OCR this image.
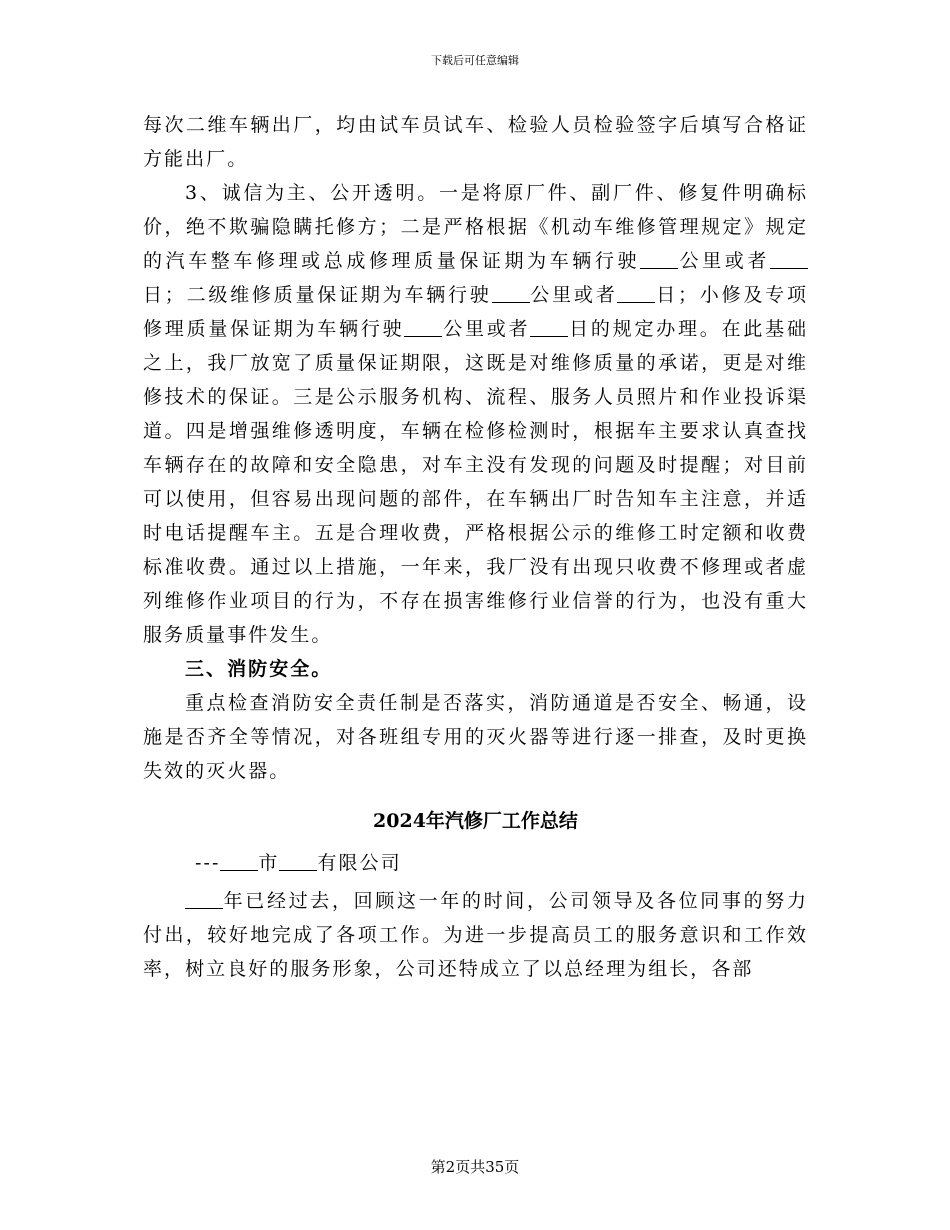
下载后可任意编辑

每次二维车辆出厂，均由试车员试车、检验人员检验签字后填写合格证方能出厂。

3、诚信为主、公开透明。一是将原厂件、副厂件、修复件明确标价，绝不欺骗隐瞒托修方；二是严格根据《机动车维修管理规定》规定的汽车整车修理或总成修理质量保证期为车辆行驶 公里或者日；二级维修质量保证期为车辆行驶 公里或者 日；小修及专项修理质量保证期为车辆行驶 公里或者 日的规定办理。在此基础之上，我厂放宽了质量保证期限，这既是对维修质量的承诺，更是对维修技术的保证。三是公示服务机构、流程、服务人员照片和作业投诉渠道。四是增强维修透明度，车辆在检修检测时，根据车主要求认真查找车辆存在的故障和安全隐患，对车主没有发现的问题及时提醒；对目前可以使用，但容易出现问题的部件，在车辆出厂时告知车主注意，并适时电话提醒车主。五是合理收费，严格根据公示的维修工时定额和收费标准收费。通过以上措施，一年来，我厂没有出现只收费不修理或者虚列维修作业项目的行为，不存在损害维修行业信誉的行为，也没有重大服务质量事件发生。

三、消防安全。

重点检查消防安全责任制是否落实，消防通道是否安全、畅通，设施是否齐全等情况，对各班组专用的灭火器等进行逐一排查，及时更换失效的灭火器。

2024年汽修厂工作总结

--- 市 有限公司

年已经过去，回顾这一年的时间，公司领导及各位同事的努力付出，较好地完成了各项工作。为进一步提高员工的服务意识和工作效率，树立良好的服务形象，公司还特成立了以总经理为组长，各部

第2页共35页
